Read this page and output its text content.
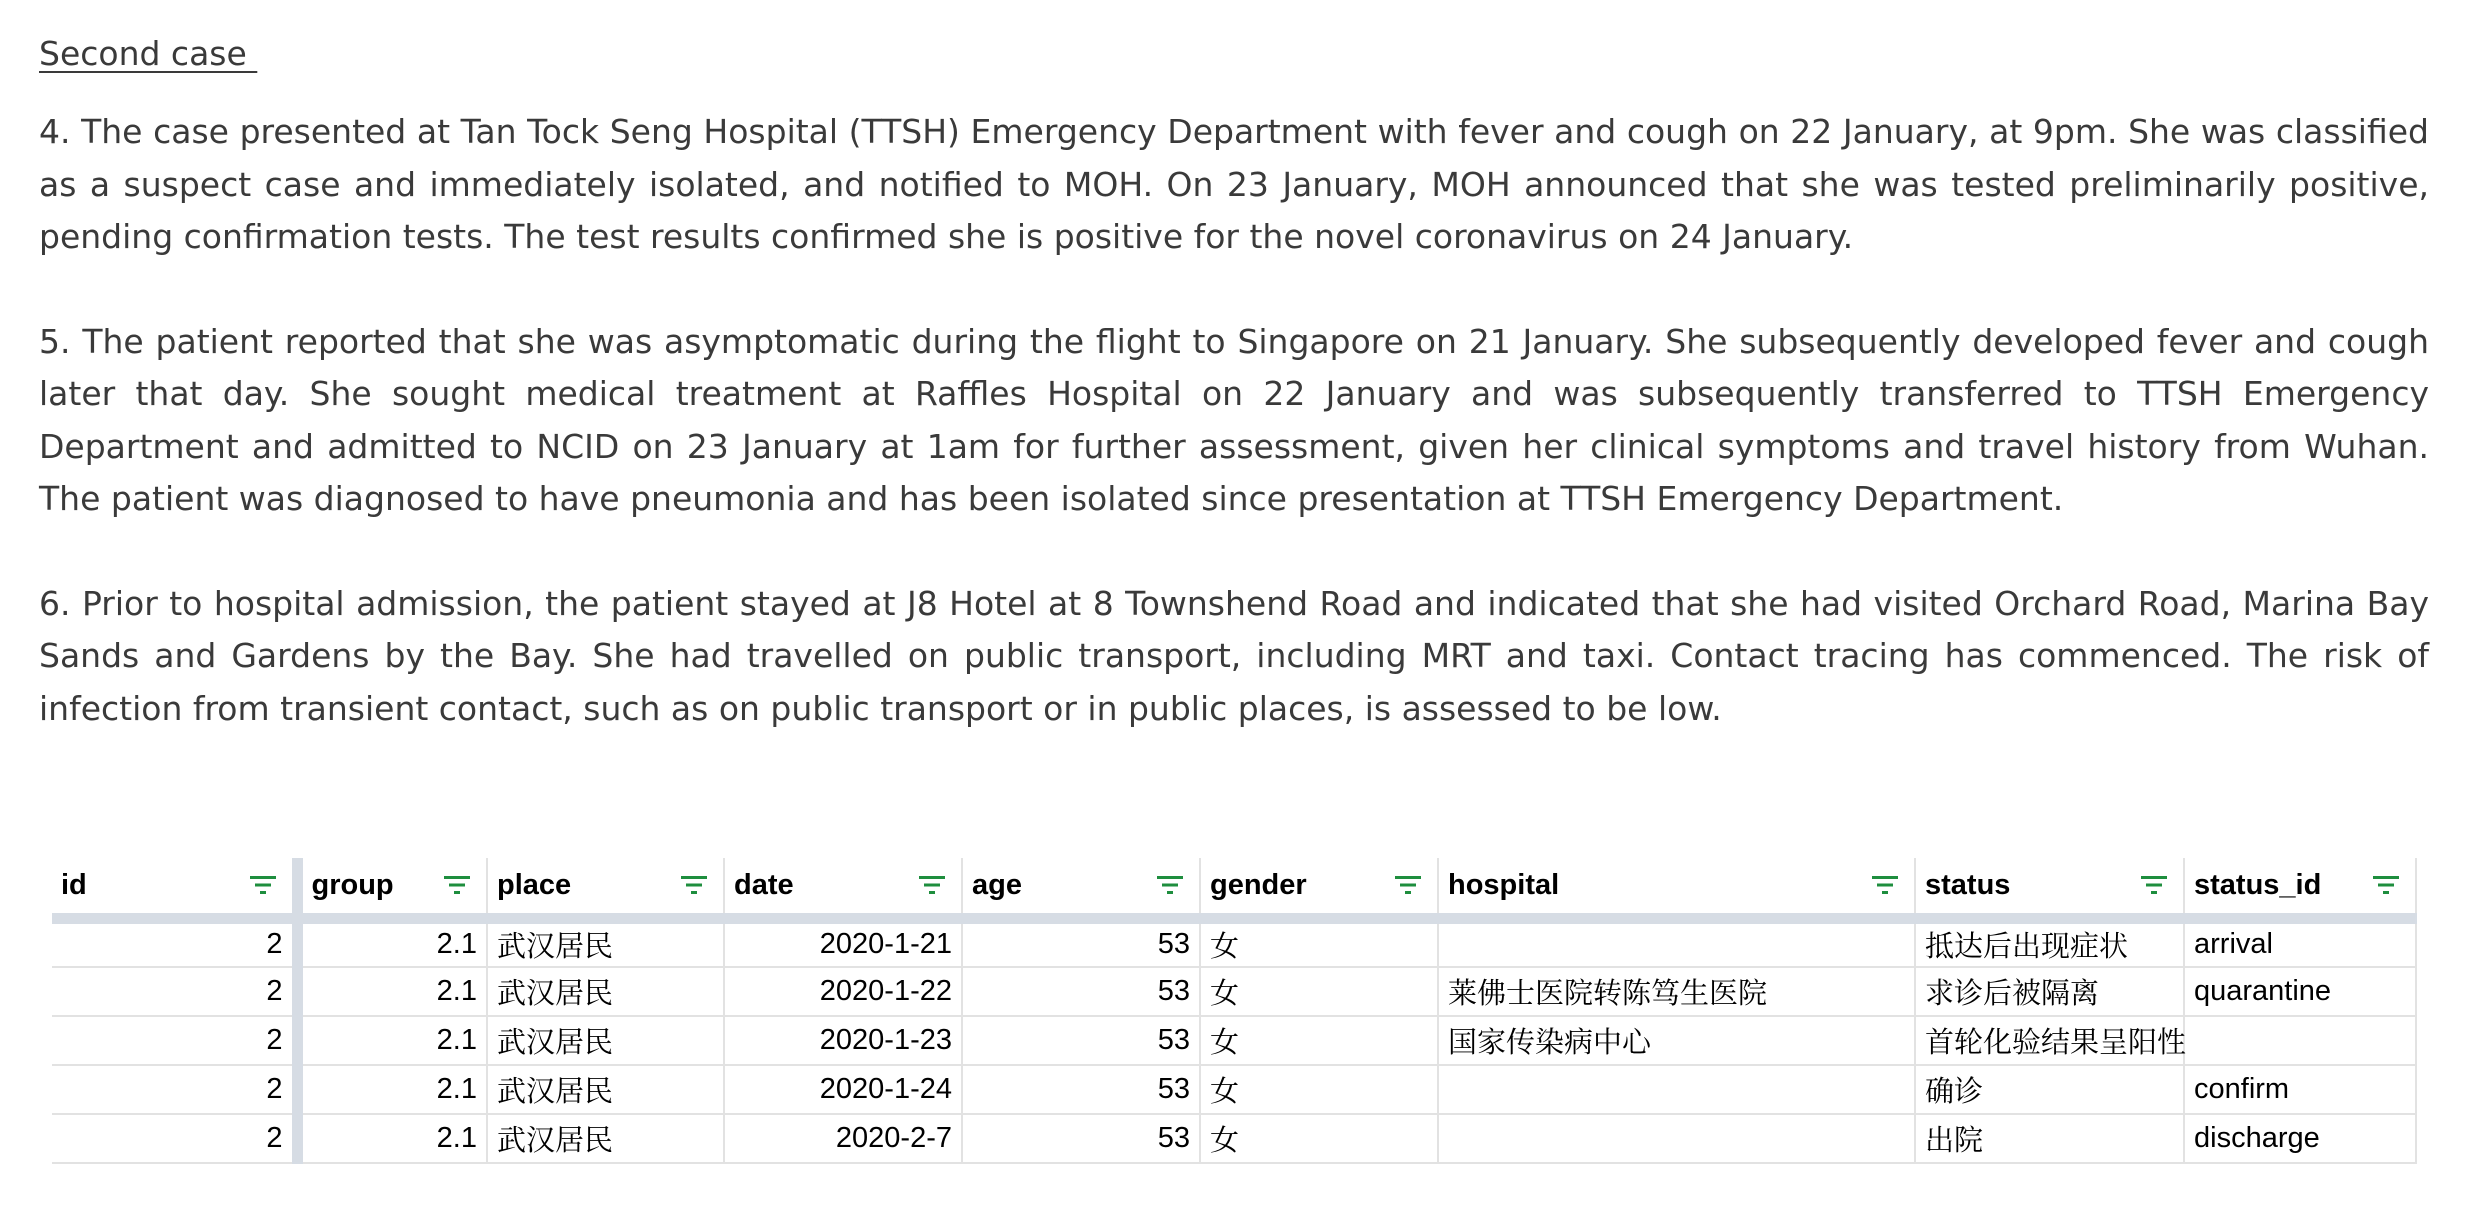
Second case

4. The case presented at Tan Tock Seng Hospital (TTSH) Emergency Department with fever and cough on 22 January, at 9pm. She was classified as a suspect case and immediately isolated, and notified to MOH. On 23 January, MOH announced that she was tested preliminarily positive, pending confirmation tests. The test results confirmed she is positive for the novel coronavirus on 24 January.

5. The patient reported that she was asymptomatic during the flight to Singapore on 21 January. She subsequently developed fever and cough later that day. She sought medical treatment at Raffles Hospital on 22 January and was subsequently transferred to TTSH Emergency Department and admitted to NCID on 23 January at 1am for further assessment, given her clinical symptoms and travel history from Wuhan. The patient was diagnosed to have pneumonia and has been isolated since presentation at TTSH Emergency Department.

6. Prior to hospital admission, the patient stayed at J8 Hotel at 8 Townshend Road and indicated that she had visited Orchard Road, Marina Bay Sands and Gardens by the Bay. She had travelled on public transport, including MRT and taxi. Contact tracing has commenced. The risk of infection from transient contact, such as on public transport or in public places, is assessed to be low.

id	group	place	date	age	gender	hospital	status	status_id

2	2.1	武汉居民	2020-1-21	53	女		抵达后出现症状	arrival
2	2.1	武汉居民	2020-1-22	53	女	莱佛士医院转陈笃生医院	求诊后被隔离	quarantine
2	2.1	武汉居民	2020-1-23	53	女	国家传染病中心	首轮化验结果呈阳性	
2	2.1	武汉居民	2020-1-24	53	女		确诊	confirm
2	2.1	武汉居民	2020-2-7	53	女		出院	discharge
